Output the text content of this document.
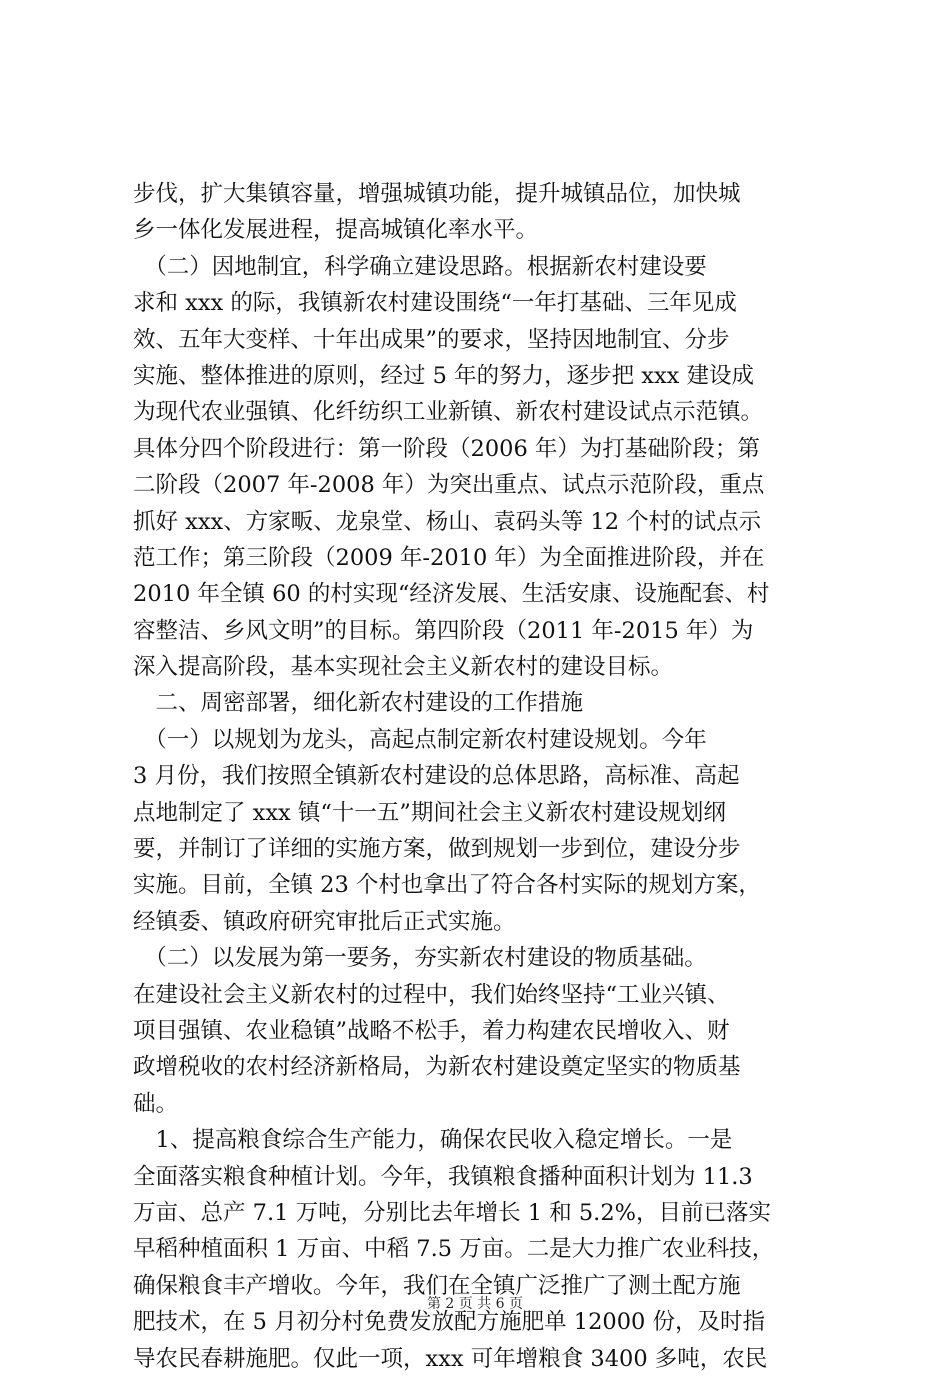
步伐，扩大集镇容量，增强城镇功能，提升城镇品位，加快城
乡一体化发展进程，提高城镇化率水平。
　（二）因地制宜，科学确立建设思路。根据新农村建设要
求和 xxx 的际，我镇新农村建设围绕“一年打基础、三年见成
效、五年大变样、十年出成果”的要求，坚持因地制宜、分步
实施、整体推进的原则，经过 5 年的努力，逐步把 xxx 建设成
为现代农业强镇、化纤纺织工业新镇、新农村建设试点示范镇。
具体分四个阶段进行：第一阶段（2006 年）为打基础阶段；第
二阶段（2007 年-2008 年）为突出重点、试点示范阶段，重点
抓好 xxx、方家畈、龙泉堂、杨山、袁码头等 12 个村的试点示
范工作；第三阶段（2009 年-2010 年）为全面推进阶段，并在
2010 年全镇 60 的村实现“经济发展、生活安康、设施配套、村
容整洁、乡风文明”的目标。第四阶段（2011 年-2015 年）为
深入提高阶段，基本实现社会主义新农村的建设目标。
　二、周密部署，细化新农村建设的工作措施
　（一）以规划为龙头，高起点制定新农村建设规划。今年
3 月份，我们按照全镇新农村建设的总体思路，高标准、高起
点地制定了 xxx 镇“十一五”期间社会主义新农村建设规划纲
要，并制订了详细的实施方案，做到规划一步到位，建设分步
实施。目前，全镇 23 个村也拿出了符合各村实际的规划方案，
经镇委、镇政府研究审批后正式实施。
　（二）以发展为第一要务，夯实新农村建设的物质基础。
在建设社会主义新农村的过程中，我们始终坚持“工业兴镇、
项目强镇、农业稳镇”战略不松手，着力构建农民增收入、财
政增税收的农村经济新格局，为新农村建设奠定坚实的物质基
础。
　1、提高粮食综合生产能力，确保农民收入稳定增长。一是
全面落实粮食种植计划。今年，我镇粮食播种面积计划为 11.3
万亩、总产 7.1 万吨，分别比去年增长 1 和 5.2%，目前已落实
早稻种植面积 1 万亩、中稻 7.5 万亩。二是大力推广农业科技，
确保粮食丰产增收。今年，我们在全镇广泛推广了测土配方施
肥技术，在 5 月初分村免费发放配方施肥单 12000 份，及时指
导农民春耕施肥。仅此一项，xxx 可年增粮食 3400 多吨，农民
第 2 页 共 6 页
